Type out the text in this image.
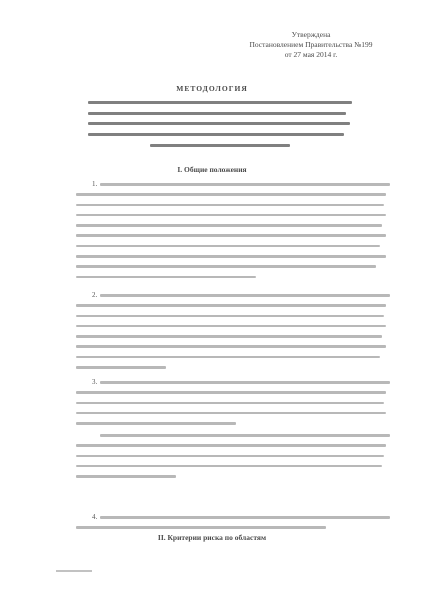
Утверждена
Постановлением Правительства №199
от 27 мая 2014 г.
МЕТОДОЛОГИЯ
I. Общие положения
1.
2.
3.
4.
II. Критерии риска по областям
